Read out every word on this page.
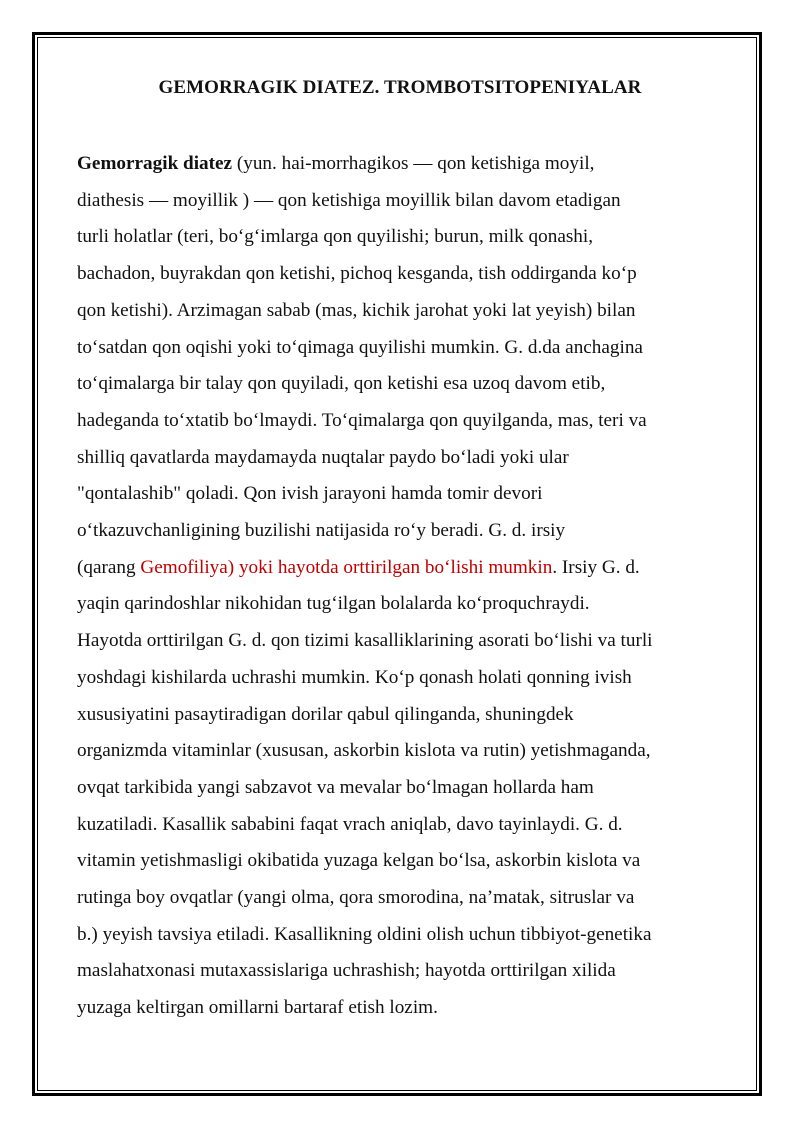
GEMORRAGIK DIATEZ. TROMBOTSITOPENIYALAR
Gemorragik diatez (yun. hai-morrhagikos — qon ketishiga moyil,
diathesis — moyillik ) — qon ketishiga moyillik bilan davom etadigan
turli holatlar (teri, bo‘g‘imlarga qon quyilishi; burun, milk qonashi,
bachadon, buyrakdan qon ketishi, pichoq kesganda, tish oddirganda ko‘p
qon ketishi). Arzimagan sabab (mas, kichik jarohat yoki lat yeyish) bilan
to‘satdan qon oqishi yoki to‘qimaga quyilishi mumkin. G. d.da anchagina
to‘qimalarga bir talay qon quyiladi, qon ketishi esa uzoq davom etib,
hadeganda to‘xtatib bo‘lmaydi. To‘qimalarga qon quyilganda, mas, teri va
shilliq qavatlarda maydamayda nuqtalar paydo bo‘ladi yoki ular
"qontalashib" qoladi. Qon ivish jarayoni hamda tomir devori
o‘tkazuvchanligining buzilishi natijasida ro‘y beradi. G. d. irsiy
(qarang Gemofiliya) yoki hayotda orttirilgan bo‘lishi mumkin. Irsiy G. d.
yaqin qarindoshlar nikohidan tug‘ilgan bolalarda ko‘proquchraydi.
Hayotda orttirilgan G. d. qon tizimi kasalliklarining asorati bo‘lishi va turli
yoshdagi kishilarda uchrashi mumkin. Ko‘p qonash holati qonning ivish
xususiyatini pasaytiradigan dorilar qabul qilinganda, shuningdek
organizmda vitaminlar (xususan, askorbin kislota va rutin) yetishmaganda,
ovqat tarkibida yangi sabzavot va mevalar bo‘lmagan hollarda ham
kuzatiladi. Kasallik sababini faqat vrach aniqlab, davo tayinlaydi. G. d.
vitamin yetishmasligi okibatida yuzaga kelgan bo‘lsa, askorbin kislota va
rutinga boy ovqatlar (yangi olma, qora smorodina, na’matak, sitruslar va
b.) yeyish tavsiya etiladi. Kasallikning oldini olish uchun tibbiyot-genetika
maslahatxonasi mutaxassislariga uchrashish; hayotda orttirilgan xilida
yuzaga keltirgan omillarni bartaraf etish lozim.
